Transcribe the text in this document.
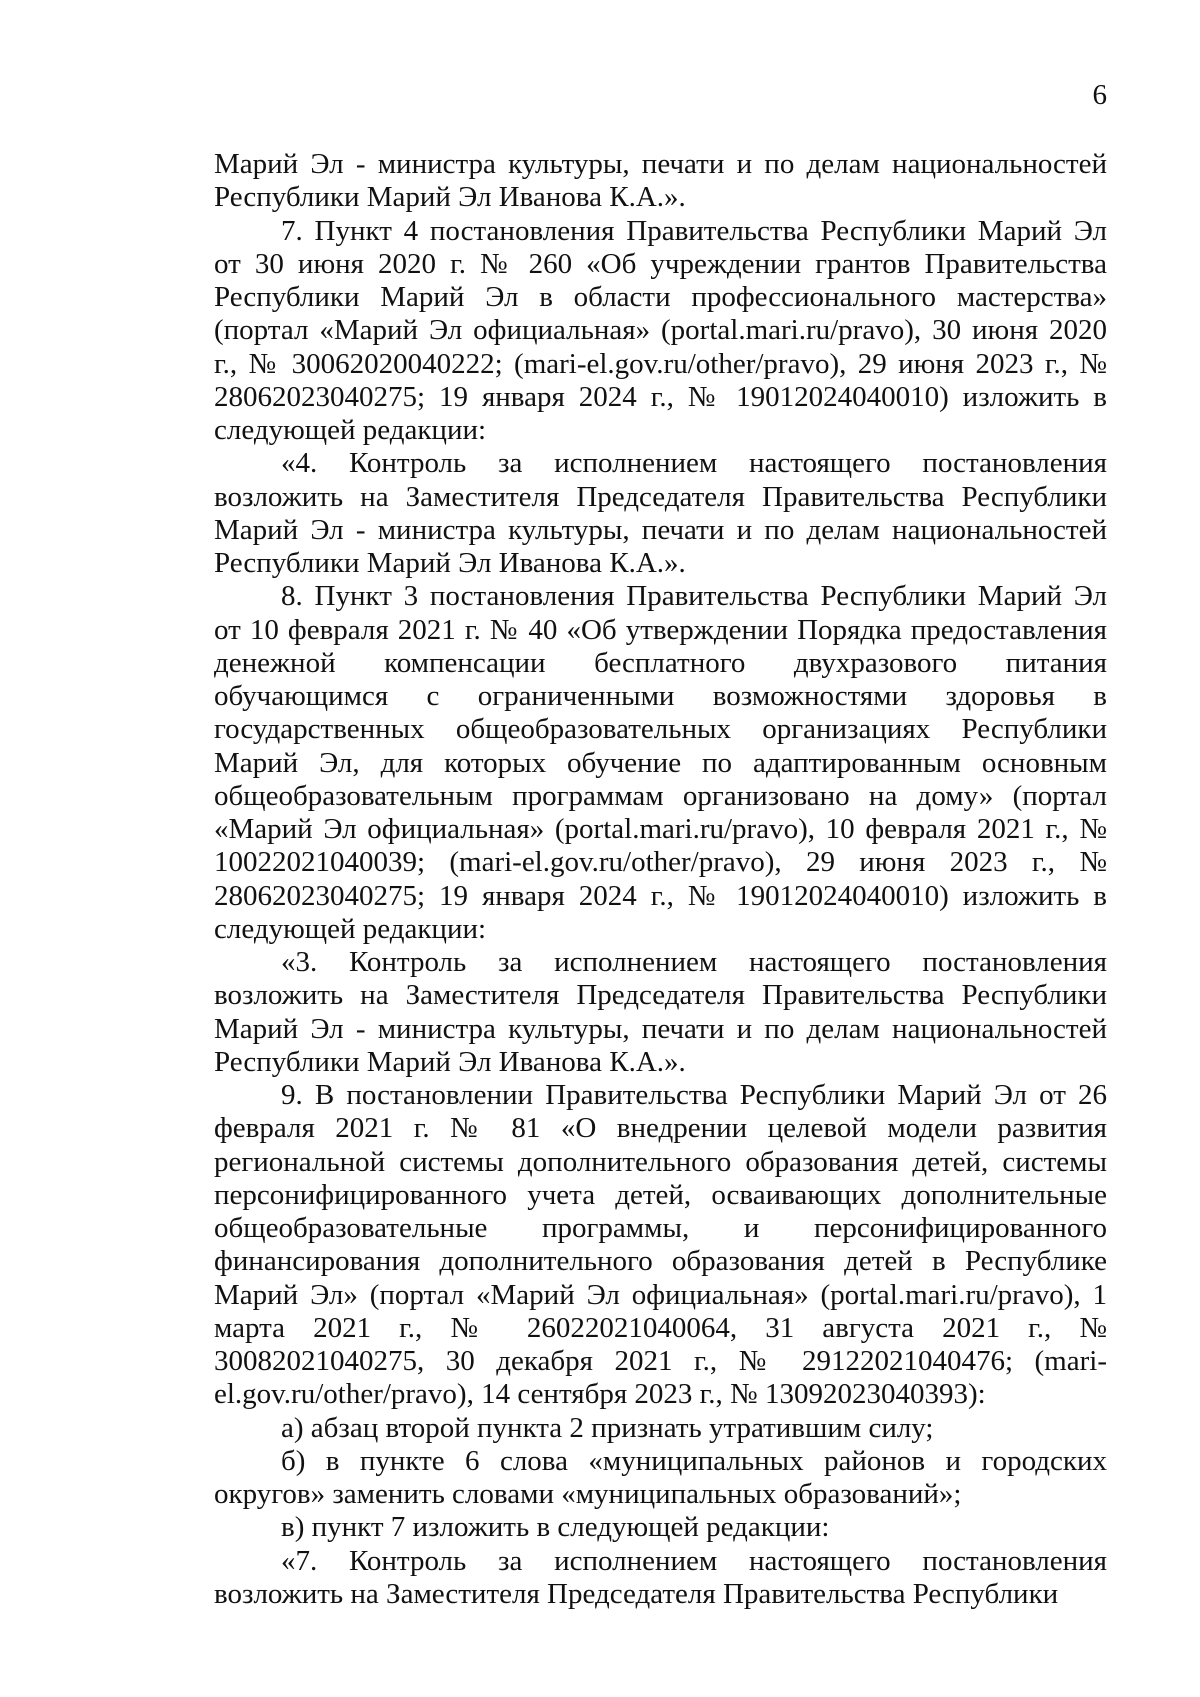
6

Марий Эл - министра культуры, печати и по делам национальностей Республики Марий Эл Иванова К.А.».

7. Пункт 4 постановления Правительства Республики Марий Эл от 30 июня 2020 г. № 260 «Об учреждении грантов Правительства Республики Марий Эл в области профессионального мастерства» (портал «Марий Эл официальная» (portal.mari.ru/pravo), 30 июня 2020 г., № 30062020040222; (mari-el.gov.ru/other/pravo), 29 июня 2023 г., № 28062023040275; 19 января 2024 г., № 19012024040010) изложить в следующей редакции:

«4. Контроль за исполнением настоящего постановления возложить на Заместителя Председателя Правительства Республики Марий Эл - министра культуры, печати и по делам национальностей Республики Марий Эл Иванова К.А.».

8. Пункт 3 постановления Правительства Республики Марий Эл от 10 февраля 2021 г. № 40 «Об утверждении Порядка предоставления денежной компенсации бесплатного двухразового питания обучающимся с ограниченными возможностями здоровья в государственных общеобразовательных организациях Республики Марий Эл, для которых обучение по адаптированным основным общеобразовательным программам организовано на дому» (портал «Марий Эл официальная» (portal.mari.ru/pravo), 10 февраля 2021 г., № 10022021040039; (mari-el.gov.ru/other/pravo), 29 июня 2023 г., № 28062023040275; 19 января 2024 г., № 19012024040010) изложить в следующей редакции:

«3. Контроль за исполнением настоящего постановления возложить на Заместителя Председателя Правительства Республики Марий Эл - министра культуры, печати и по делам национальностей Республики Марий Эл Иванова К.А.».

9. В постановлении Правительства Республики Марий Эл от 26 февраля 2021 г. № 81 «О внедрении целевой модели развития региональной системы дополнительного образования детей, системы персонифицированного учета детей, осваивающих дополнительные общеобразовательные программы, и персонифицированного финансирования дополнительного образования детей в Республике Марий Эл» (портал «Марий Эл официальная» (portal.mari.ru/pravo), 1 марта 2021 г., № 26022021040064, 31 августа 2021 г., № 30082021040275, 30 декабря 2021 г., № 29122021040476; (mari-el.gov.ru/other/pravo), 14 сентября 2023 г., № 13092023040393):

а) абзац второй пункта 2 признать утратившим силу;

б) в пункте 6 слова «муниципальных районов и городских округов» заменить словами «муниципальных образований»;

в) пункт 7 изложить в следующей редакции:

«7. Контроль за исполнением настоящего постановления возложить на Заместителя Председателя Правительства Республики
